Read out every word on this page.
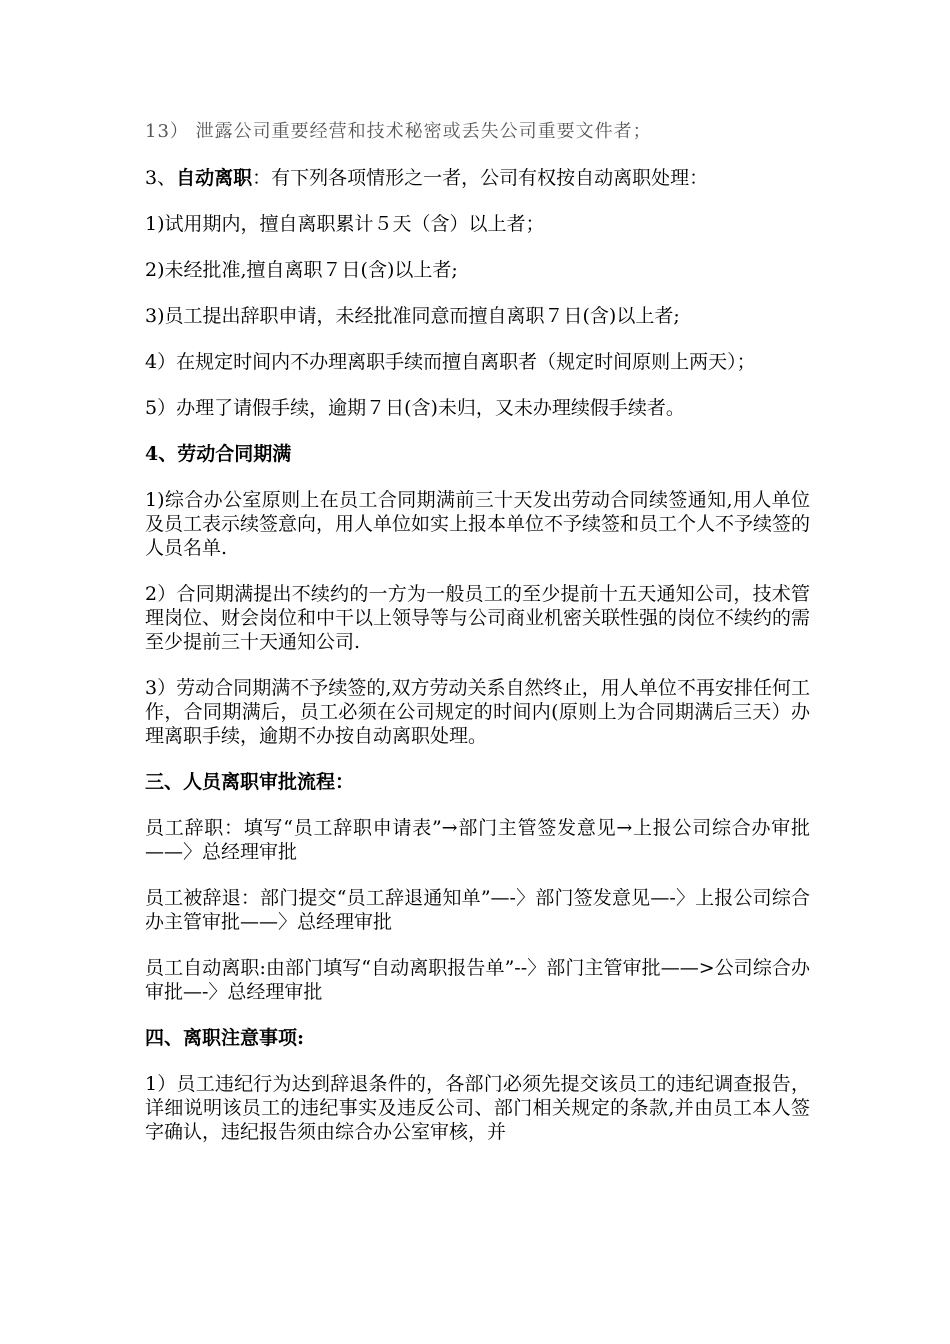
13） 泄露公司重要经营和技术秘密或丢失公司重要文件者；

3、自动离职：有下列各项情形之一者，公司有权按自动离职处理：

1)试用期内，擅自离职累计５天（含）以上者；

2)未经批准,擅自离职７日(含)以上者;

3)员工提出辞职申请，未经批准同意而擅自离职７日(含)以上者;

4）在规定时间内不办理离职手续而擅自离职者（规定时间原则上两天）；

5）办理了请假手续，逾期７日(含)未归，又未办理续假手续者。

4、劳动合同期满

1)综合办公室原则上在员工合同期满前三十天发出劳动合同续签通知,用人单位及员工表示续签意向，用人单位如实上报本单位不予续签和员工个人不予续签的人员名单.

2）合同期满提出不续约的一方为一般员工的至少提前十五天通知公司，技术管理岗位、财会岗位和中干以上领导等与公司商业机密关联性强的岗位不续约的需至少提前三十天通知公司.

3）劳动合同期满不予续签的,双方劳动关系自然终止，用人单位不再安排任何工作，合同期满后，员工必须在公司规定的时间内(原则上为合同期满后三天）办理离职手续，逾期不办按自动离职处理。

三、人员离职审批流程：

员工辞职：填写“员工辞职申请表”→部门主管签发意见→上报公司综合办审批——〉总经理审批

员工被辞退：部门提交“员工辞退通知单”—-〉部门签发意见—-〉上报公司综合办主管审批——〉总经理审批

员工自动离职:由部门填写“自动离职报告单”--〉部门主管审批——>公司综合办审批—-〉总经理审批

四、离职注意事项:

1）员工违纪行为达到辞退条件的，各部门必须先提交该员工的违纪调查报告，详细说明该员工的违纪事实及违反公司、部门相关规定的条款,并由员工本人签字确认，违纪报告须由综合办公室审核，并
